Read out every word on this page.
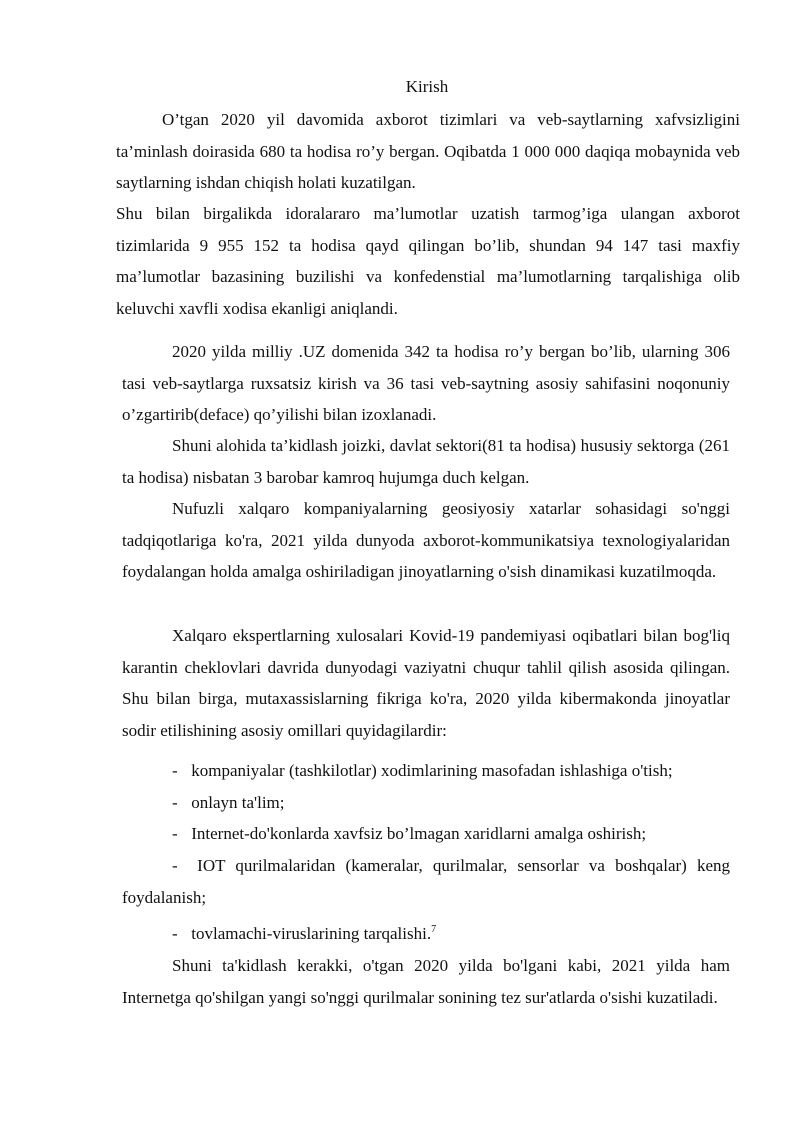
Kirish

O’tgan 2020 yil davomida axborot tizimlari va veb-saytlarning xafvsizligini ta’minlash doirasida 680 ta hodisa ro’y bergan. Oqibatda 1 000 000 daqiqa mobaynida veb saytlarning ishdan chiqish holati kuzatilgan.

Shu bilan birgalikda idoralararo ma’lumotlar uzatish tarmog’iga ulangan axborot tizimlarida 9 955 152 ta hodisa qayd qilingan bo’lib, shundan 94 147 tasi maxfiy ma’lumotlar bazasining buzilishi va konfedenstial ma’lumotlarning tarqalishiga olib keluvchi xavfli xodisa ekanligi aniqlandi.

2020 yilda milliy .UZ domenida 342 ta hodisa ro’y bergan bo’lib, ularning 306 tasi veb-saytlarga ruxsatsiz kirish va 36 tasi veb-saytning asosiy sahifasini noqonuniy o’zgartirib(deface) qo’yilishi bilan izoxlanadi.

Shuni alohida ta’kidlash joizki, davlat sektori(81 ta hodisa) hususiy sektorga (261 ta hodisa) nisbatan 3 barobar kamroq hujumga duch kelgan.

Nufuzli xalqaro kompaniyalarning geosiyosiy xatarlar sohasidagi so'nggi tadqiqotlariga ko'ra, 2021 yilda dunyoda axborot-kommunikatsiya texnologiyalaridan foydalangan holda amalga oshiriladigan jinoyatlarning o'sish dinamikasi kuzatilmoqda.

Xalqaro ekspertlarning xulosalari Kovid-19 pandemiyasi oqibatlari bilan bog'liq karantin cheklovlari davrida dunyodagi vaziyatni chuqur tahlil qilish asosida qilingan. Shu bilan birga, mutaxassislarning fikriga ko'ra, 2020 yilda kibermakonda jinoyatlar sodir etilishining asosiy omillari quyidagilardir:

- kompaniyalar (tashkilotlar) xodimlarining masofadan ishlashiga o'tish;
- onlayn ta'lim;
- Internet-do'konlarda xavfsiz bo’lmagan xaridlarni amalga oshirish;
- IOT qurilmalaridan (kameralar, qurilmalar, sensorlar va boshqalar) keng foydalanish;
- tovlamachi-viruslarining tarqalishi.$^7$

Shuni ta'kidlash kerakki, o'tgan 2020 yilda bo'lgani kabi, 2021 yilda ham Internetga qo'shilgan yangi so'nggi qurilmalar sonining tez sur'atlarda o'sishi kuzatiladi.
